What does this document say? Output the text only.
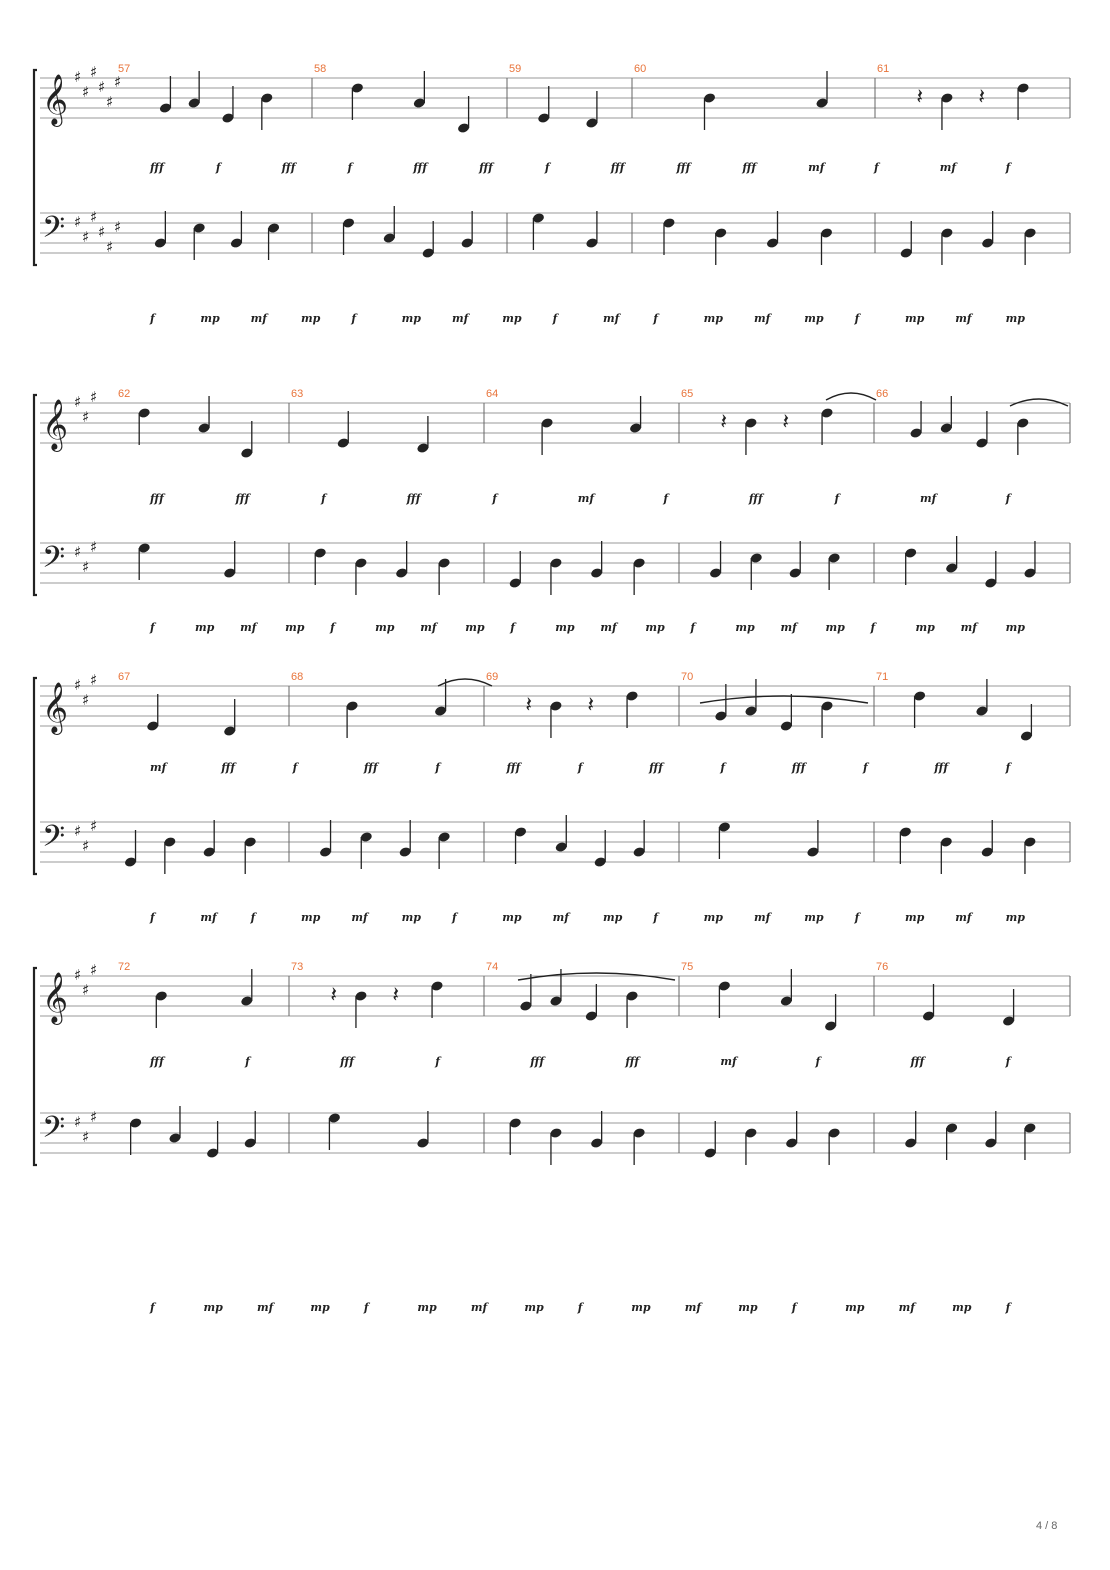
𝄞
𝄢
♯
♯
♯
♯
♯
♯
♯
♯
♯
♯
♯
♯
57	58	59	60	61
𝄽	𝄽
fff	f	fff	f	fff	fff	f	fff	fff	fff	mf	f	mf	f
f	mp	mf	mp	f	mp	mf	mp	f	mf	f	mp	mf	mp	f	mp	mf	mp
𝄞
𝄢
♯
♯
♯
♯
♯
♯
62	63	64	65	66
𝄽	𝄽
fff	fff	f	fff	f	mf	f	fff	f	mf	f
f	mp mf	mp f	mp mf	mp f	mp mf	mp f	mp mf	mp f	mp mf	mp
𝄞
𝄢
♯
♯
♯
♯
♯
♯
67	68	69	70	71
𝄽	𝄽
mf	fff	f	fff	f	fff	f	fff	f	fff	f	fff	f
f	mf	f	mp	mf	mp	f	mp	mf	mp	f	mp	mf	mp	f	mp	mf	mp
𝄞
𝄢
♯
♯
♯
♯
♯
♯
72	73	74	75	76
𝄽	𝄽
fff	f	fff	f	fff	fff	mf	f	fff	f
f	mp	mf	mp	f	mp	mf	mp	f	mp	mf	mp	f	mp	mf	mp	f
4 / 8
